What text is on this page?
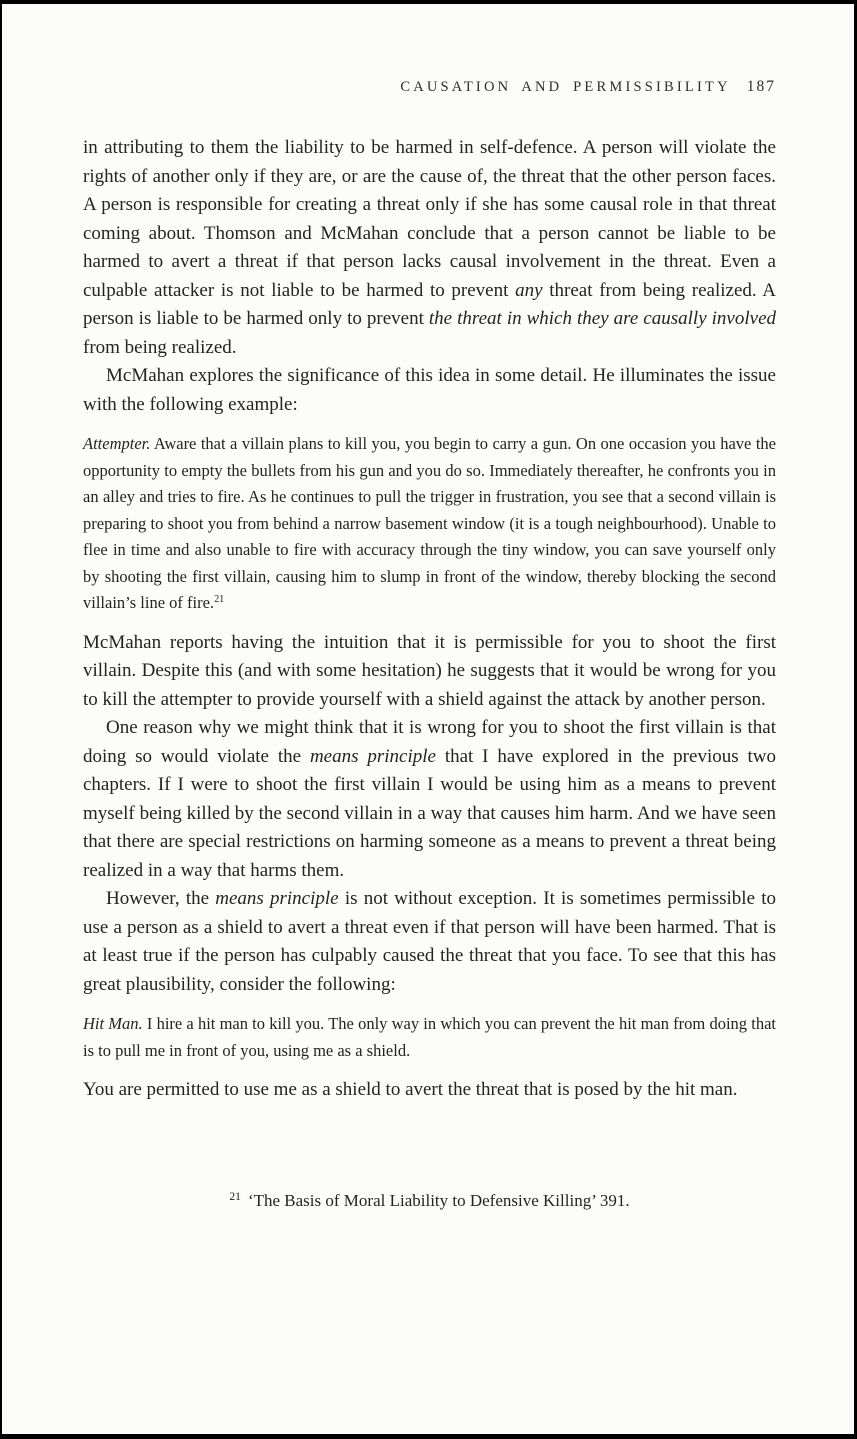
CAUSATION AND PERMISSIBILITY 187

in attributing to them the liability to be harmed in self-defence. A person will violate the rights of another only if they are, or are the cause of, the threat that the other person faces. A person is responsible for creating a threat only if she has some causal role in that threat coming about. Thomson and McMahan conclude that a person cannot be liable to be harmed to avert a threat if that person lacks causal involvement in the threat. Even a culpable attacker is not liable to be harmed to prevent any threat from being realized. A person is liable to be harmed only to prevent the threat in which they are causally involved from being realized.

McMahan explores the significance of this idea in some detail. He illuminates the issue with the following example:

Attempter. Aware that a villain plans to kill you, you begin to carry a gun. On one occasion you have the opportunity to empty the bullets from his gun and you do so. Immediately thereafter, he confronts you in an alley and tries to fire. As he continues to pull the trigger in frustration, you see that a second villain is preparing to shoot you from behind a narrow basement window (it is a tough neighbourhood). Unable to flee in time and also unable to fire with accuracy through the tiny window, you can save yourself only by shooting the first villain, causing him to slump in front of the window, thereby blocking the second villain’s line of fire.$^{21}$

McMahan reports having the intuition that it is permissible for you to shoot the first villain. Despite this (and with some hesitation) he suggests that it would be wrong for you to kill the attempter to provide yourself with a shield against the attack by another person.

One reason why we might think that it is wrong for you to shoot the first villain is that doing so would violate the means principle that I have explored in the previous two chapters. If I were to shoot the first villain I would be using him as a means to prevent myself being killed by the second villain in a way that causes him harm. And we have seen that there are special restrictions on harming someone as a means to prevent a threat being realized in a way that harms them.

However, the means principle is not without exception. It is sometimes permissible to use a person as a shield to avert a threat even if that person will have been harmed. That is at least true if the person has culpably caused the threat that you face. To see that this has great plausibility, consider the following:

Hit Man. I hire a hit man to kill you. The only way in which you can prevent the hit man from doing that is to pull me in front of you, using me as a shield.

You are permitted to use me as a shield to avert the threat that is posed by the hit man.

$^{21}$ ‘The Basis of Moral Liability to Defensive Killing’ 391.
